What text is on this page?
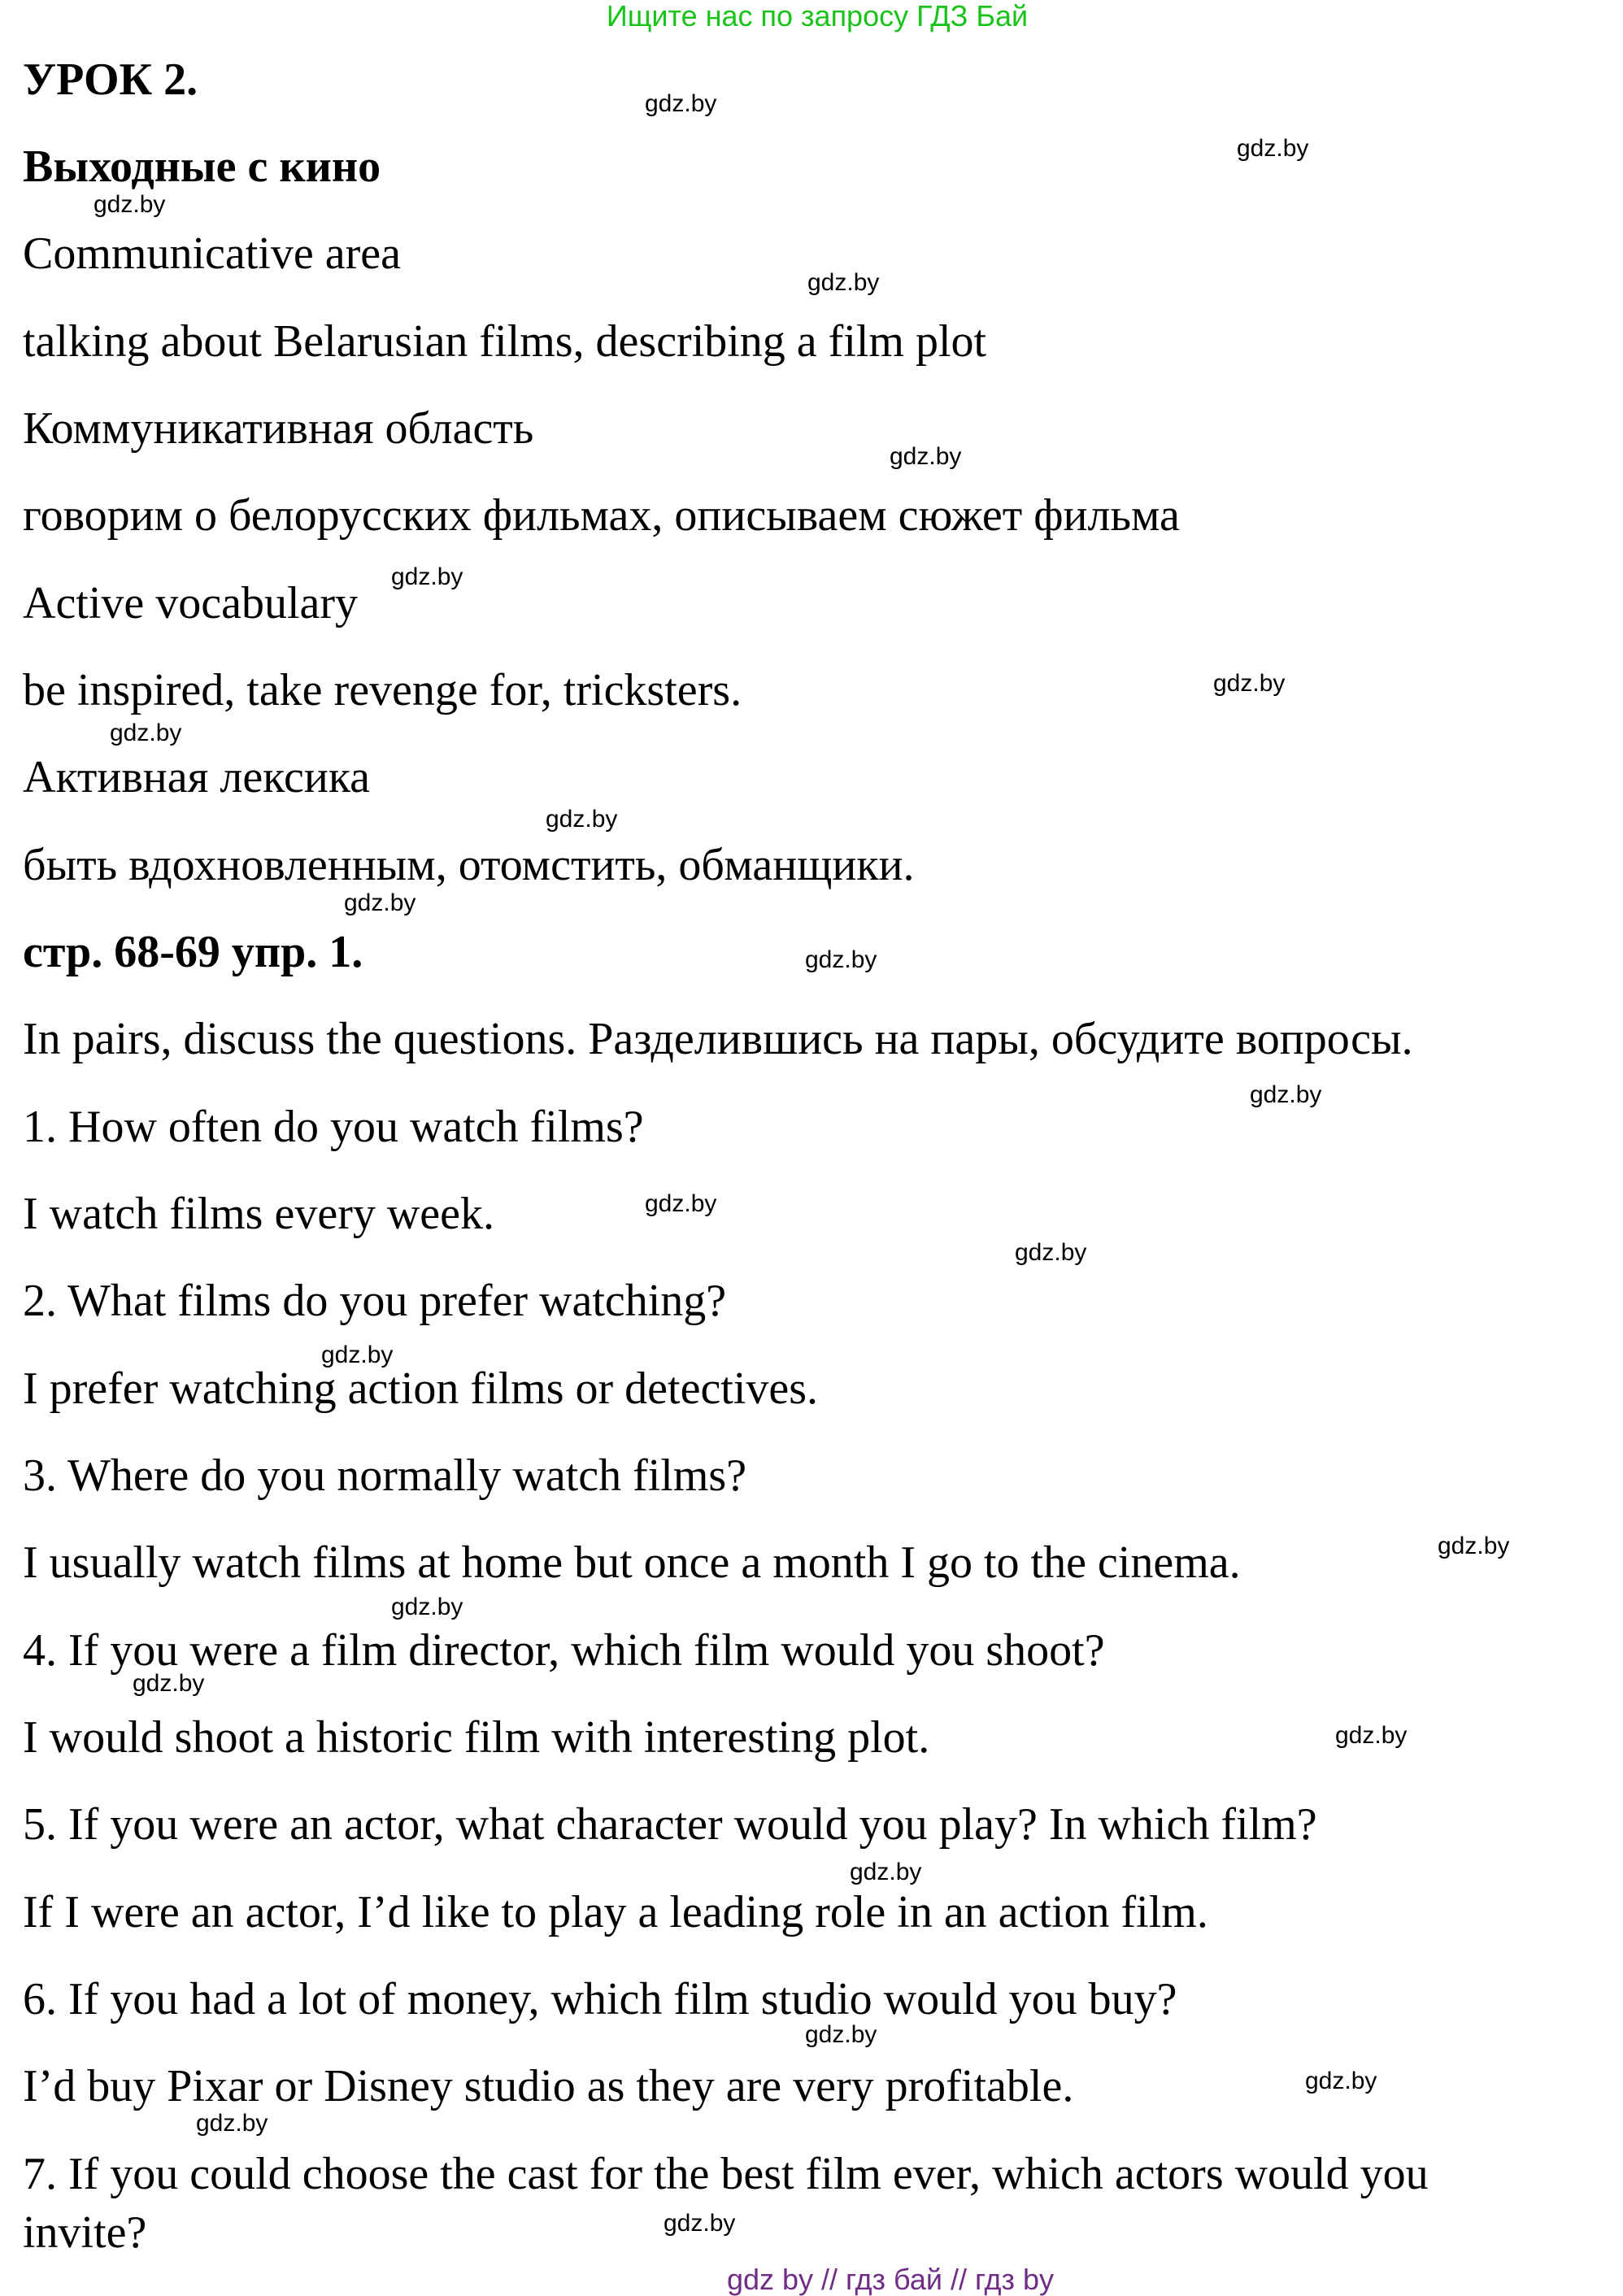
Ищите нас по запросу ГДЗ Бай
УРОК 2.
Выходные с кино
Communicative area
talking about Belarusian films, describing a film plot
Коммуникативная область
говорим о белорусских фильмах, описываем сюжет фильма
Active vocabulary
be inspired, take revenge for, tricksters.
Активная лексика
быть вдохновленным, отомстить, обманщики.
стр. 68-69 упр. 1.
In pairs, discuss the questions. Разделившись на пары, обсудите вопросы.
1. How often do you watch films?
I watch films every week.
2. What films do you prefer watching?
I prefer watching action films or detectives.
3. Where do you normally watch films?
I usually watch films at home but once a month I go to the cinema.
4. If you were a film director, which film would you shoot?
I would shoot a historic film with interesting plot.
5. If you were an actor, what character would you play? In which film?
If I were an actor, I’d like to play a leading role in an action film.
6. If you had a lot of money, which film studio would you buy?
I’d buy Pixar or Disney studio as they are very profitable.
7. If you could choose the cast for the best film ever, which actors would you
invite?
gdz.by
gdz.by
gdz.by
gdz.by
gdz.by
gdz.by
gdz.by
gdz.by
gdz.by
gdz.by
gdz.by
gdz.by
gdz.by
gdz.by
gdz.by
gdz.by
gdz.by
gdz.by
gdz.by
gdz.by
gdz.by
gdz.by
gdz.by
gdz.by
gdz by // гдз бай // гдз by
